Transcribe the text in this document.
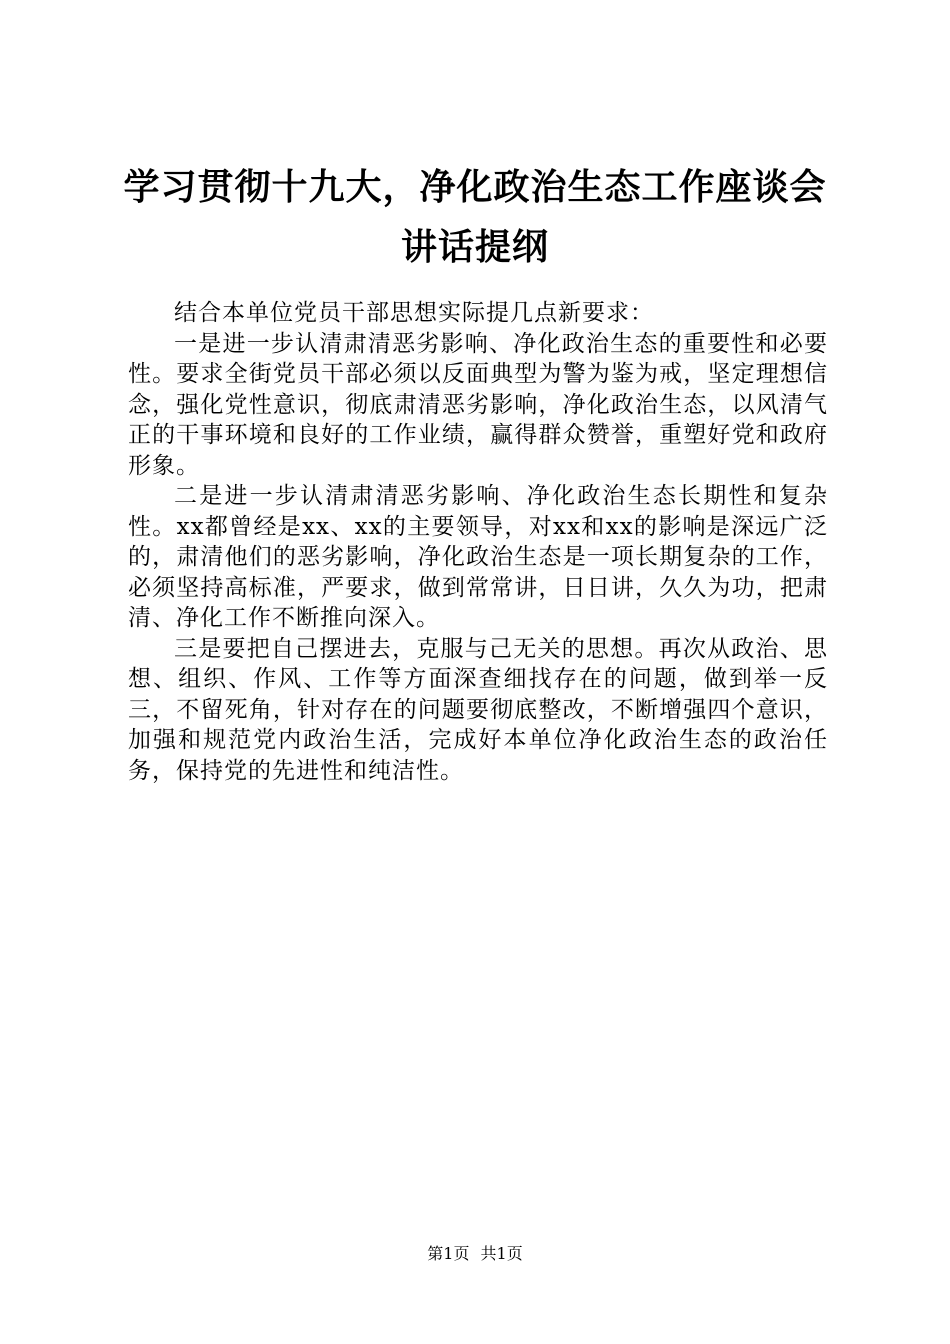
学习贯彻十九大，净化政治生态工作座谈会讲话提纲

结合本单位党员干部思想实际提几点新要求：

一是进一步认清肃清恶劣影响、净化政治生态的重要性和必要性。要求全街党员干部必须以反面典型为警为鉴为戒，坚定理想信念，强化党性意识，彻底肃清恶劣影响，净化政治生态，以风清气正的干事环境和良好的工作业绩，赢得群众赞誉，重塑好党和政府形象。

二是进一步认清肃清恶劣影响、净化政治生态长期性和复杂性。xx都曾经是xx、xx的主要领导，对xx和xx的影响是深远广泛的，肃清他们的恶劣影响，净化政治生态是一项长期复杂的工作，必须坚持高标准，严要求，做到常常讲，日日讲，久久为功，把肃清、净化工作不断推向深入。

三是要把自己摆进去，克服与己无关的思想。再次从政治、思想、组织、作风、工作等方面深查细找存在的问题，做到举一反三，不留死角，针对存在的问题要彻底整改，不断增强四个意识，加强和规范党内政治生活，完成好本单位净化政治生态的政治任务，保持党的先进性和纯洁性。

第1页 共1页
